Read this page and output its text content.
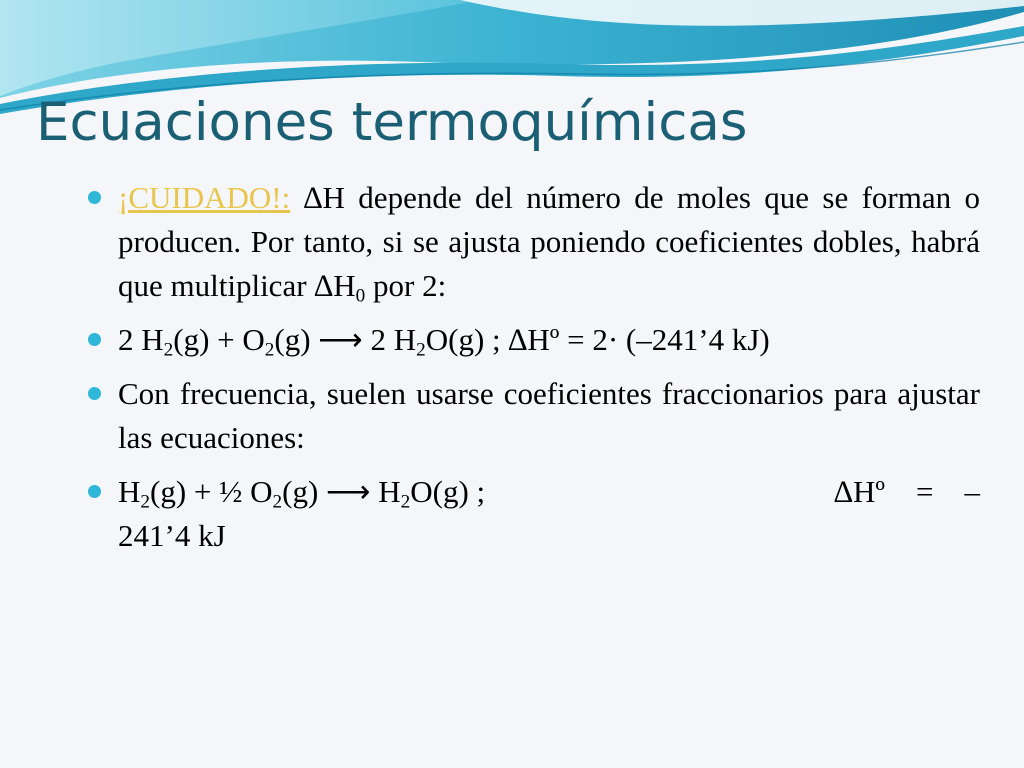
Ecuaciones termoquímicas
¡CUIDADO!: ∆H depende del número de moles que se forman o producen. Por tanto, si se ajusta poniendo coeficientes dobles, habrá que multiplicar $\Delta H_0$ por 2:
2 $H_2(g) + O_2(g)$ ⟶ 2 $H_2O(g)$ ; ∆Hº = 2· (–241’4 kJ)
Con frecuencia, suelen usarse coeficientes fraccionarios para ajustar las ecuaciones:
$H_2(g)$ + ½ $O_2(g)$ ⟶ $H_2O(g)$ ;	∆Hº    =    –

241’4 kJ
